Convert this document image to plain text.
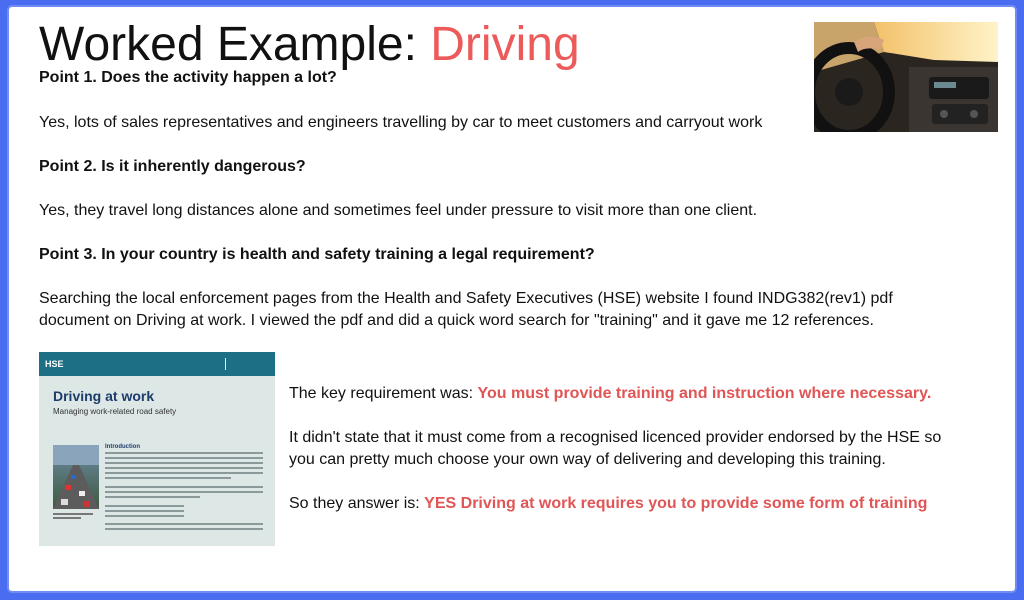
Worked Example: Driving

Point 1. Does the activity happen a lot?

Yes, lots of sales representatives and engineers travelling by car to meet customers and carryout work

Point 2. Is it inherently dangerous?

Yes, they travel long distances alone and sometimes feel under pressure to visit more than one client.

Point 3. In your country is health and safety training a legal requirement?

Searching the local enforcement pages from the Health and Safety Executives (HSE) website I found INDG382(rev1) pdf document on Driving at work. I viewed the pdf and did a quick word search for "training" and it gave me 12 references.

HSE
Driving at work
Managing work-related road safety
Introduction

The key requirement was: You must provide training and instruction where necessary.

It didn't state that it must come from a recognised licenced provider endorsed by the HSE so you can pretty much choose your own way of delivering and developing this training.

So they answer is: YES Driving at work requires you to provide some form of training
